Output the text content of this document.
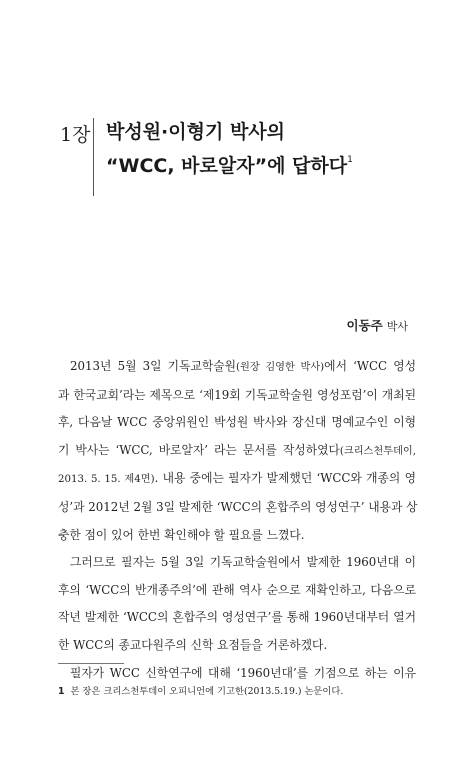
1장 박성원·이형기 박사의
“WCC, 바로알자”에 답하다$^1$
이동주 박사
2013년 5월 3일 기독교학술원(원장 김영한 박사)에서 ‘WCC 영성
과 한국교회’라는 제목으로 ‘제19회 기독교학술원 영성포럼’이 개최된
후, 다음날 WCC 중앙위원인 박성원 박사와 장신대 명예교수인 이형
기 박사는 ‘WCC, 바로알자’ 라는 문서를 작성하였다(크리스천투데이,
2013. 5. 15. 제4면). 내용 중에는 필자가 발제했던 ‘WCC와 개종의 영
성’과 2012년 2월 3일 발제한 ‘WCC의 혼합주의 영성연구’ 내용과 상
충한 점이 있어 한번 확인해야 할 필요를 느꼈다.
그러므로 필자는 5월 3일 기독교학술원에서 발제한 1960년대 이
후의 ‘WCC의 반개종주의’에 관해 역사 순으로 재확인하고, 다음으로
작년 발제한 ‘WCC의 혼합주의 영성연구’를 통해 1960년대부터 열거
한 WCC의 종교다원주의 신학 요점들을 거론하겠다.
필자가 WCC 신학연구에 대해 ‘1960년대’를 기점으로 하는 이유
1 본 장은 크리스천투데이 오피니언에 기고한(2013.5.19.) 논문이다.
